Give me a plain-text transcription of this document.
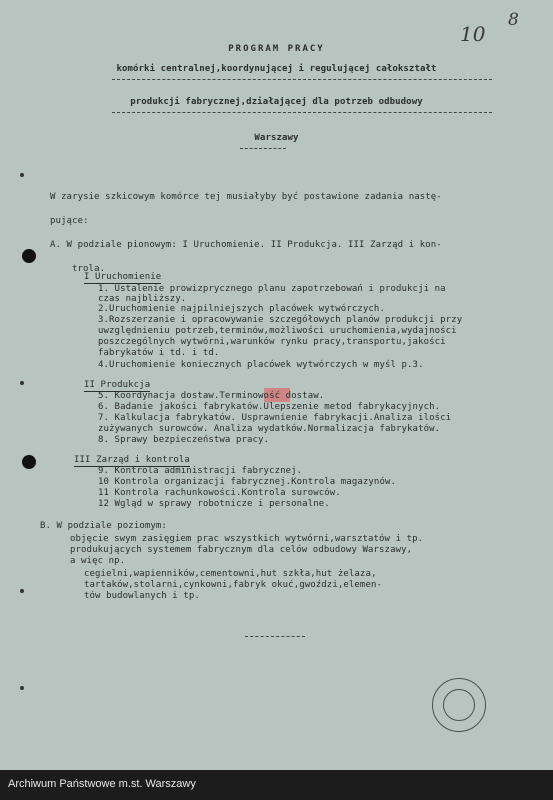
10
8
PROGRAM PRACY
komórki centralnej,koordynującej i regulującej całokształt
produkcji fabrycznej,działającej dla potrzeb odbudowy
Warszawy
W zarysie szkicowym komórce tej musiałyby być postawione zadania nastę-
pujące:
A. W podziale pionowym: I Uruchomienie. II Produkcja. III Zarząd i kon-
trola.
I Uruchomienie
1. Ustalenie prowizprycznego planu zapotrzebowań i produkcji na
czas najbliższy.
2.Uruchomienie najpilniejszych placówek wytwórczych.
3.Rozszerzanie i opracowywanie szczegółowych planów produkcji przy
uwzględnieniu potrzeb,terminów,możliwości uruchomienia,wydajności
poszczególnych wytwórni,warunków rynku pracy,transportu,jakości
fabrykatów i td. i td.
4.Uruchomienie koniecznych placówek wytwórczych w myśl p.3.
II Produkcja
5. Koordynacja dostaw.Terminowość dostaw.
6. Badanie jakości fabrykatów.Ulepszenie metod fabrykacyjnych.
7. Kalkulacja fabrykatów. Usprawnienie fabrykacji.Analiza ilości
zużywanych surowców. Analiza wydatków.Normalizacja fabrykatów.
8. Sprawy bezpieczeństwa pracy.
III Zarząd i kontrola
9. Kontrola administracji fabrycznej.
10 Kontrola organizacji fabrycznej.Kontrola magazynów.
11 Kontrola rachunkowości.Kontrola surowców.
12 Wgląd w sprawy robotnicze i personalne.
B. W podziale poziomym:
objęcie swym zasięgiem prac wszystkich wytwórni,warsztatów i tp.
produkujących systemem fabrycznym dla celów odbudowy Warszawy,
a więc np.
cegielni,wapienników,cementowni,hut szkła,hut żelaza,
tartaków,stolarni,cynkowni,fabryk okuć,gwoździ,elemen-
tów budowlanych i tp.
Archiwum Państwowe m.st. Warszawy
